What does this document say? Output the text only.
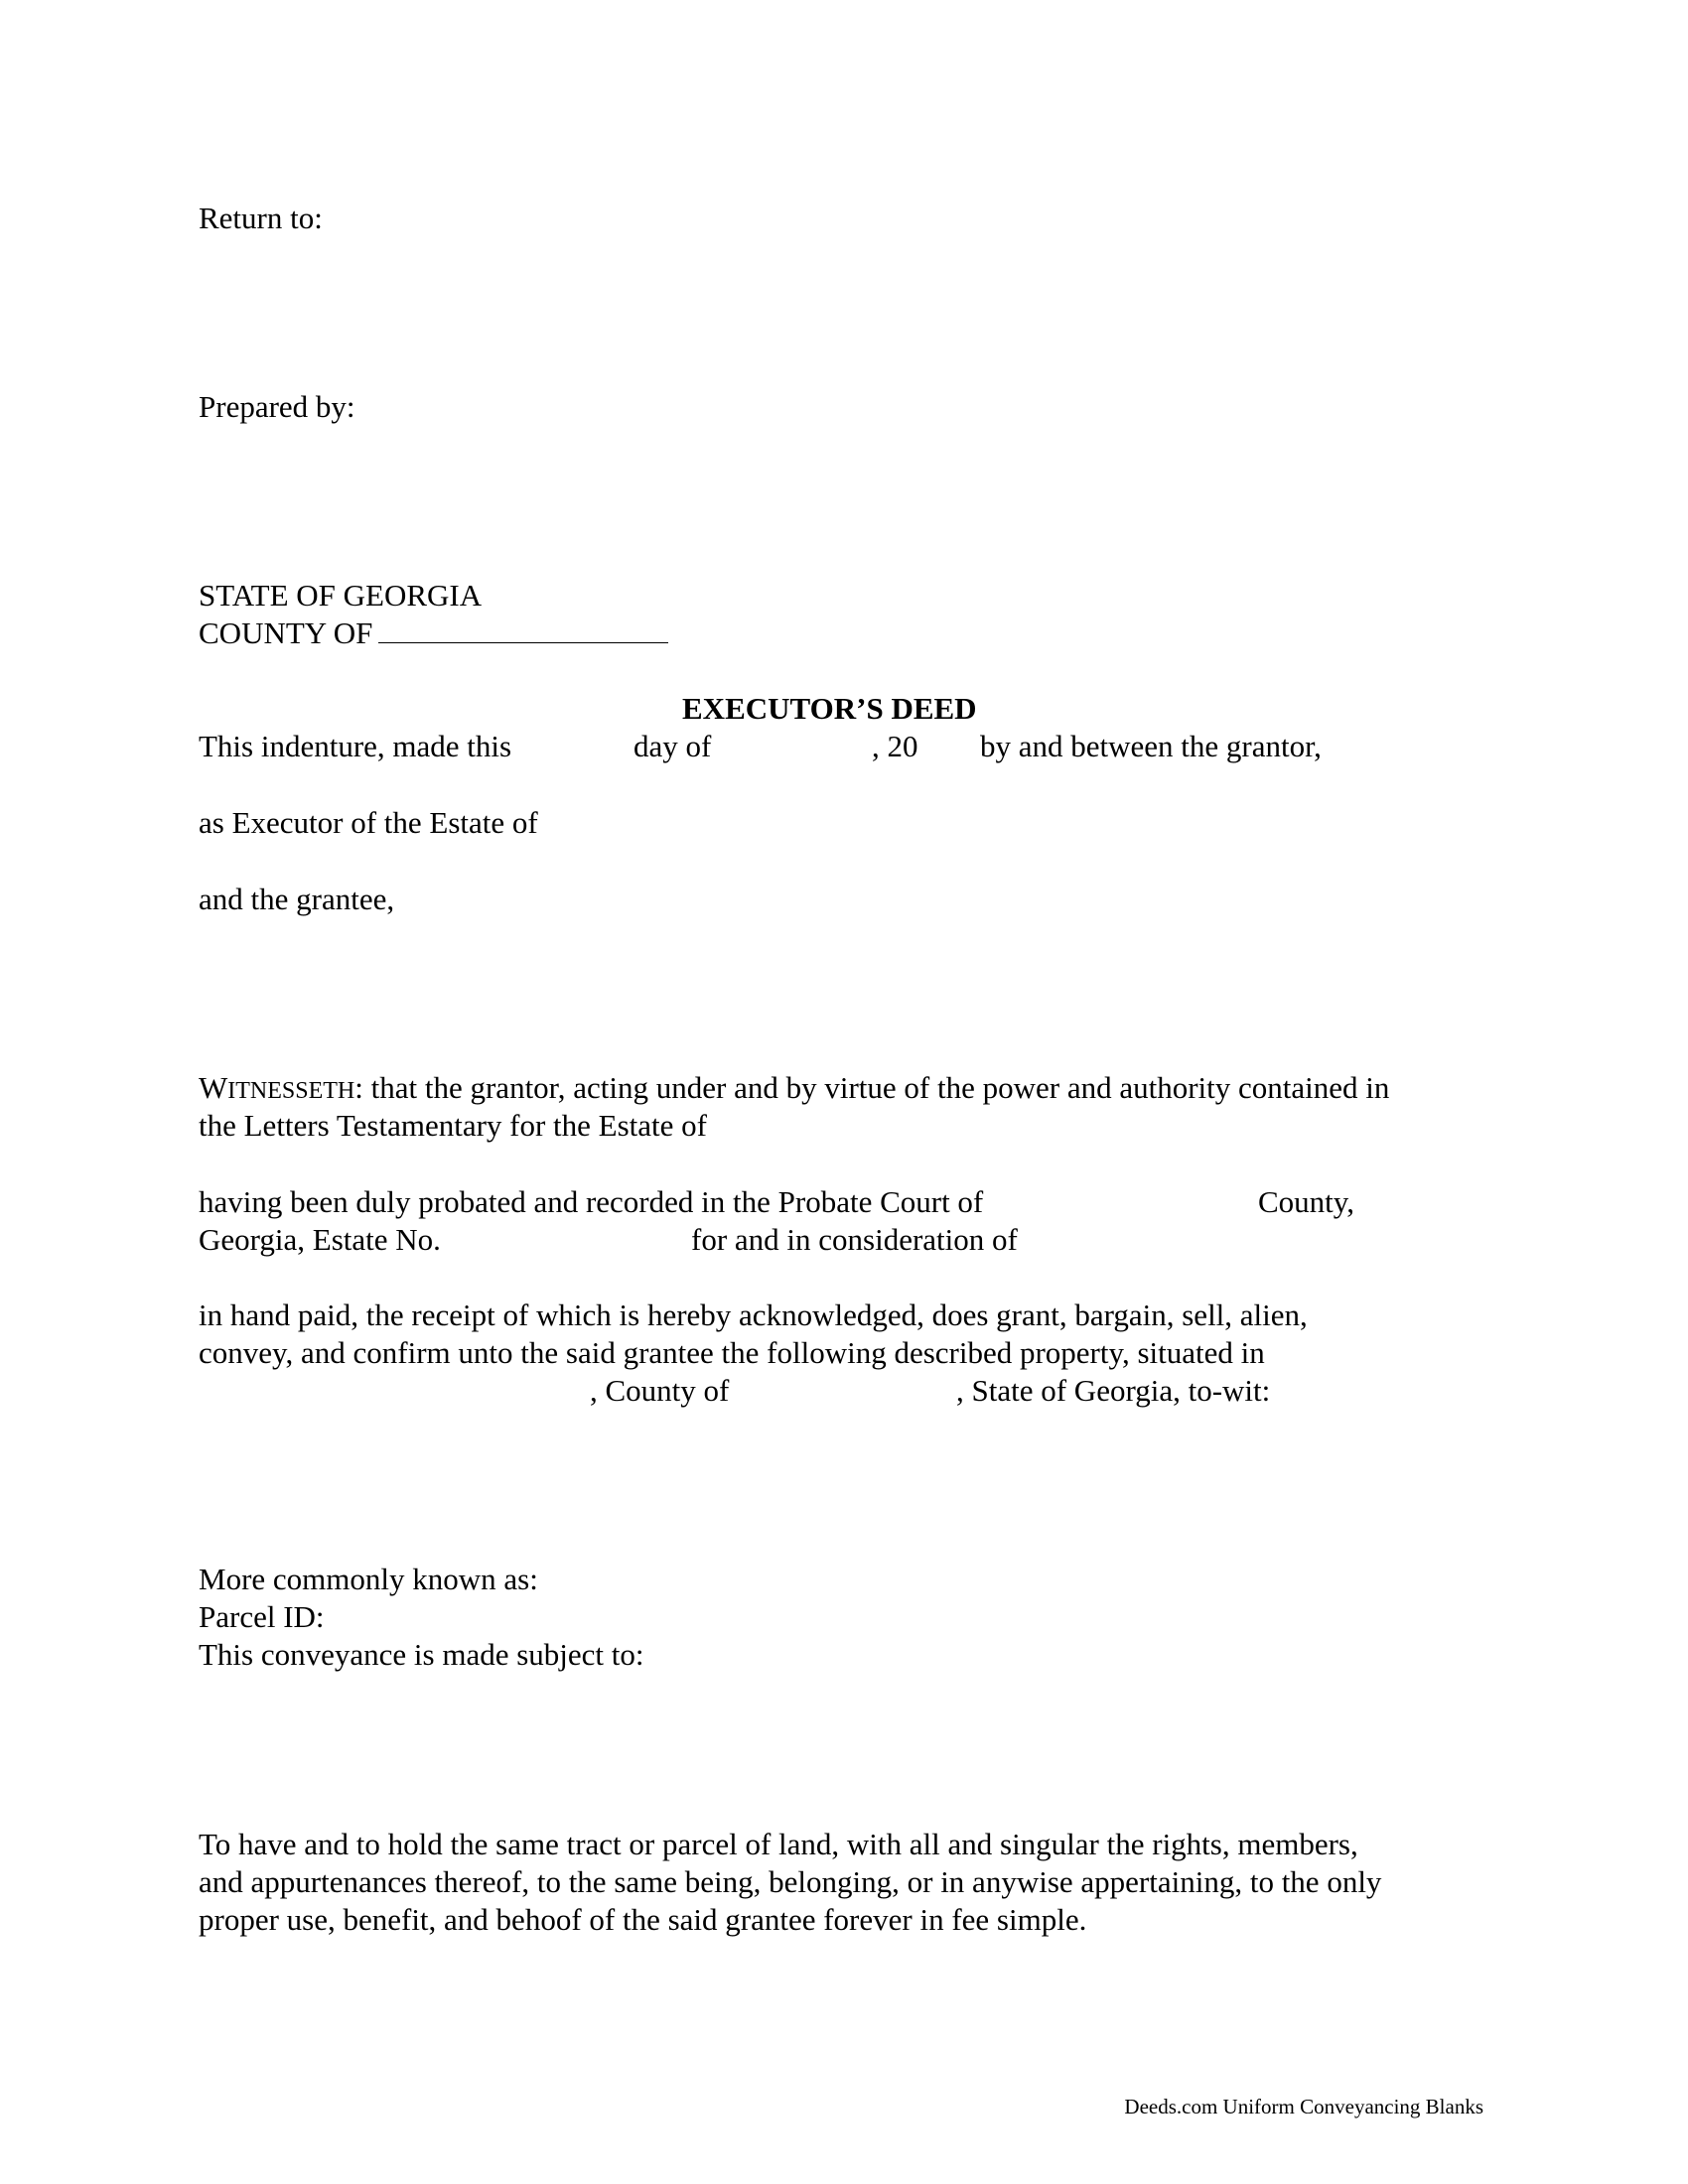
Return to:
Prepared by:
STATE OF GEORGIA
COUNTY OF
EXECUTOR’S DEED
This indenture, made this	day of	, 20 by and between the grantor,
as Executor of the Estate of
and the grantee,
WITNESSETH: that the grantor, acting under and by virtue of the power and authority contained in
the Letters Testamentary for the Estate of
having been duly probated and recorded in the Probate Court of	County,
Georgia, Estate No.	for and in consideration of
in hand paid, the receipt of which is hereby acknowledged, does grant, bargain, sell, alien,
convey, and confirm unto the said grantee the following described property, situated in
, County of	, State of Georgia, to-wit:
More commonly known as:
Parcel ID:
This conveyance is made subject to:
To have and to hold the same tract or parcel of land, with all and singular the rights, members,
and appurtenances thereof, to the same being, belonging, or in anywise appertaining, to the only
proper use, benefit, and behoof of the said grantee forever in fee simple.
Deeds.com Uniform Conveyancing Blanks
